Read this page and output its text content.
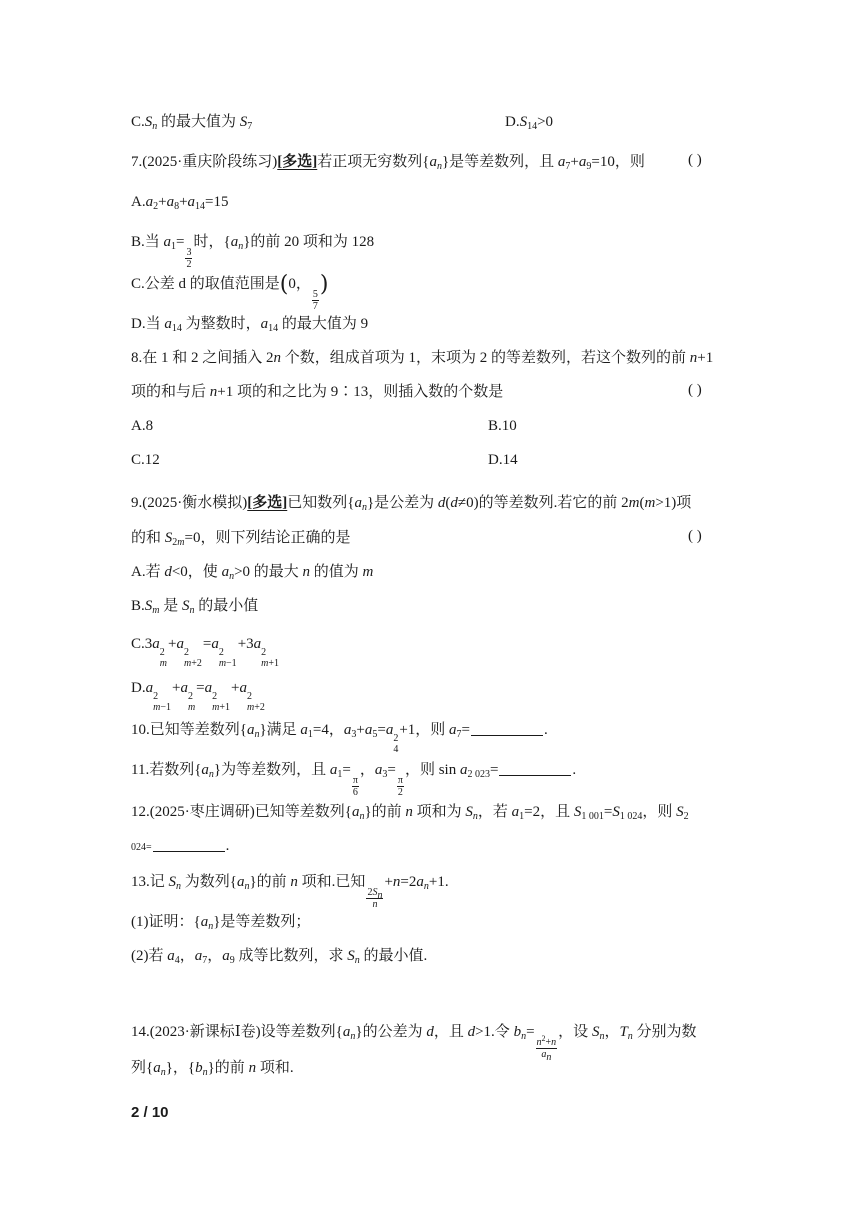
$C.S_n$ 的最大值为 $S_7$	$D.S_{14}>0$
7.(2025·重庆阶段练习)[多选]若正项无穷数列$\{a_n\}$是等差数列，且 $a_7+a_9=10$，则	( )
$A.a_2+a_8+a_{14}=15$
B.当 $a_1=$
$\frac{3}{2}$
时，$\{a_n\}$的前 20 项和为 128
C.公差 d 的取值范围是(0，
$\frac{5}{7}$
)
D.当 $a_{14}$ 为整数时，$a_{14}$ 的最大值为 9
8.在 1 和 2 之间插入 2n 个数，组成首项为 1，末项为 2 的等差数列，若这个数列的前 n+1
项的和与后 n+1 项的和之比为 9∶13，则插入数的个数是	( )
A.8	B.10
C.12	D.14
9.(2025·衡水模拟)[多选]已知数列$\{a_n\}$是公差为 d(d≠0)的等差数列.若它的前 2m(m>1)项
的和 $S_{2m}=0$，则下列结论正确的是	( )
A.若 d<0，使 $a_n>0$ 的最大 n 的值为 m
$B.S_m$ 是 $S_n$ 的最小值
C.3a
2
m
+a
2
m+2
=a
2
m−1
+3a
2
m+1
D.a
2
m−1
+a
2
m
=a
2
m+1
+a
2
m+2
10.已知等差数列$\{a_n\}$满足 $a_1=4$，$a_3+a_5=a$
2
4
+1，则 $a_7=$	.
11.若数列$\{a_n\}$为等差数列，且 $a_1=$
$\frac{\pi}{6}$
，$a_3=$
$\frac{\pi}{2}$
，则 $\sin a_{2 023}=$	.
12.(2025·枣庄调研)已知等差数列$\{a_n\}$的前 n 项和为 $S_n$，若 $a_1=2$，且 $S_{1 001}=S_{1 024}$，则 $S_2$
024=	.
13.记 $S_n$ 为数列$\{a_n\}$的前 n 项和.已知
$\frac{2S_n}{n}$
$+n=2a_n+1$.
(1)证明：$\{a_n\}$是等差数列；
(2)若 $a_4$，$a_7$，$a_9$ 成等比数列，求 $S_n$ 的最小值.
14.(2023·新课标Ⅰ卷)设等差数列$\{a_n\}$的公差为 d，且 d>1.令 $b_n=$
$\frac{n^2+n}{a_n}$
，设 $S_n$，$T_n$ 分别为数
列$\{a_n\}$，$\{b_n\}$的前 n 项和.
2 / 10
